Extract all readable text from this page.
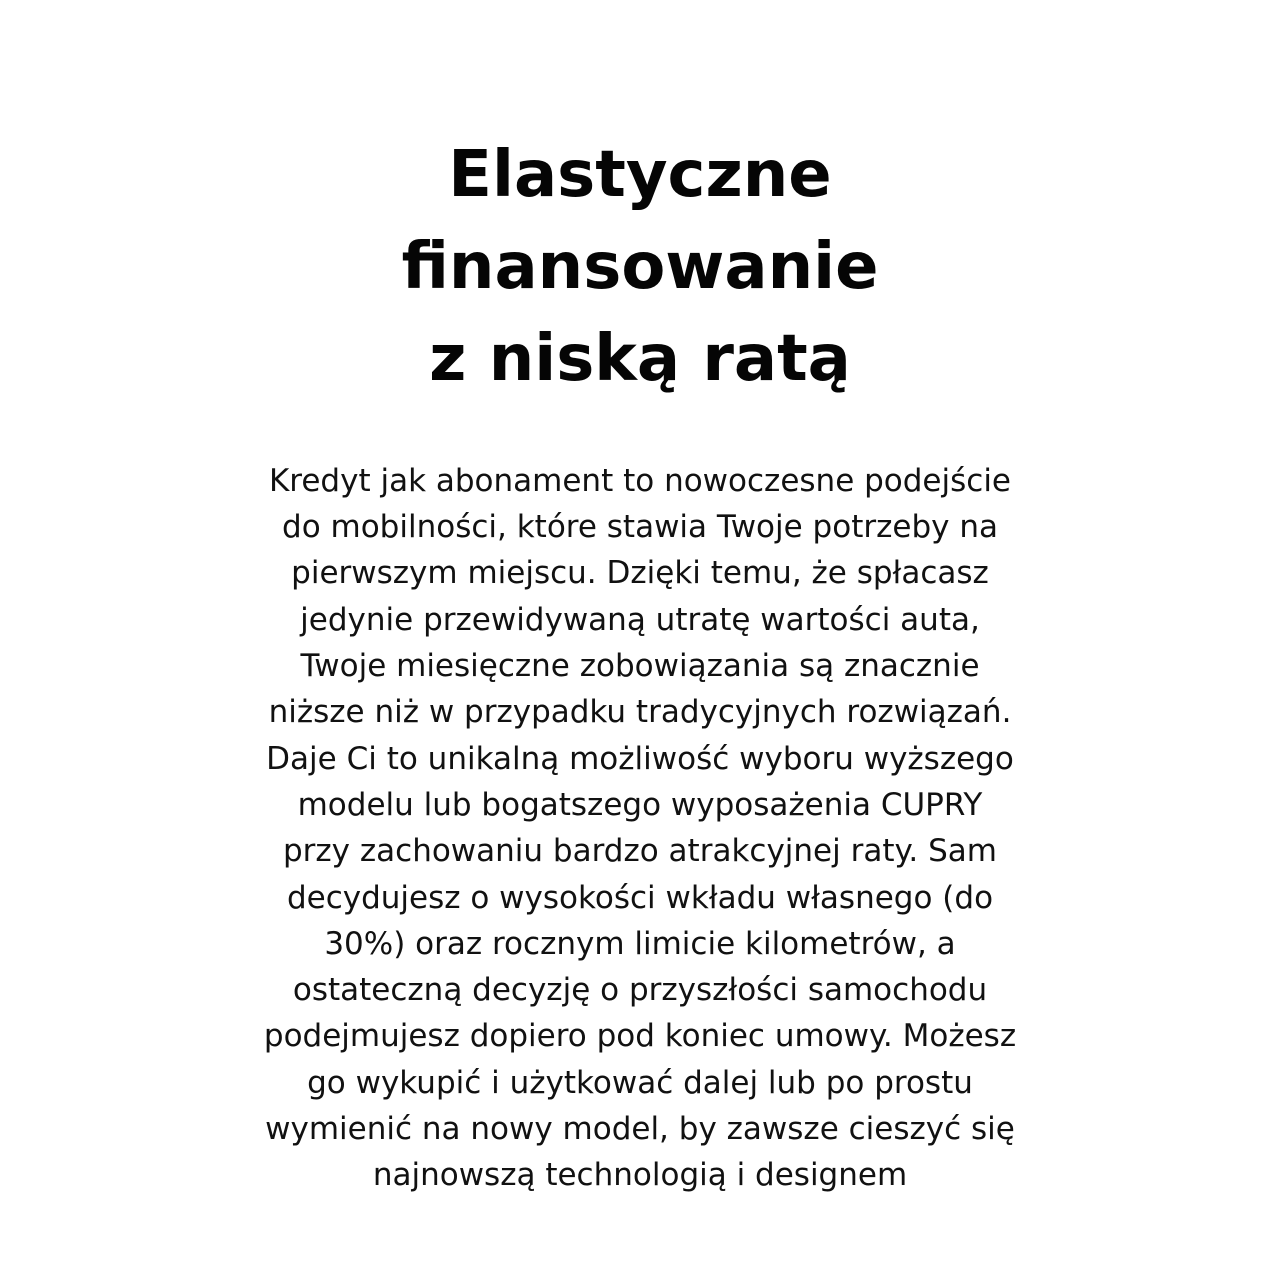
Elastyczne
finansowanie
z niską ratą
Kredyt jak abonament to nowoczesne podejście
do mobilności, które stawia Twoje potrzeby na
pierwszym miejscu. Dzięki temu, że spłacasz
jedynie przewidywaną utratę wartości auta,
Twoje miesięczne zobowiązania są znacznie
niższe niż w przypadku tradycyjnych rozwiązań.
Daje Ci to unikalną możliwość wyboru wyższego
modelu lub bogatszego wyposażenia CUPRY
przy zachowaniu bardzo atrakcyjnej raty. Sam
decydujesz o wysokości wkładu własnego (do
30%) oraz rocznym limicie kilometrów, a
ostateczną decyzję o przyszłości samochodu
podejmujesz dopiero pod koniec umowy. Możesz
go wykupić i użytkować dalej lub po prostu
wymienić na nowy model, by zawsze cieszyć się
najnowszą technologią i designem
